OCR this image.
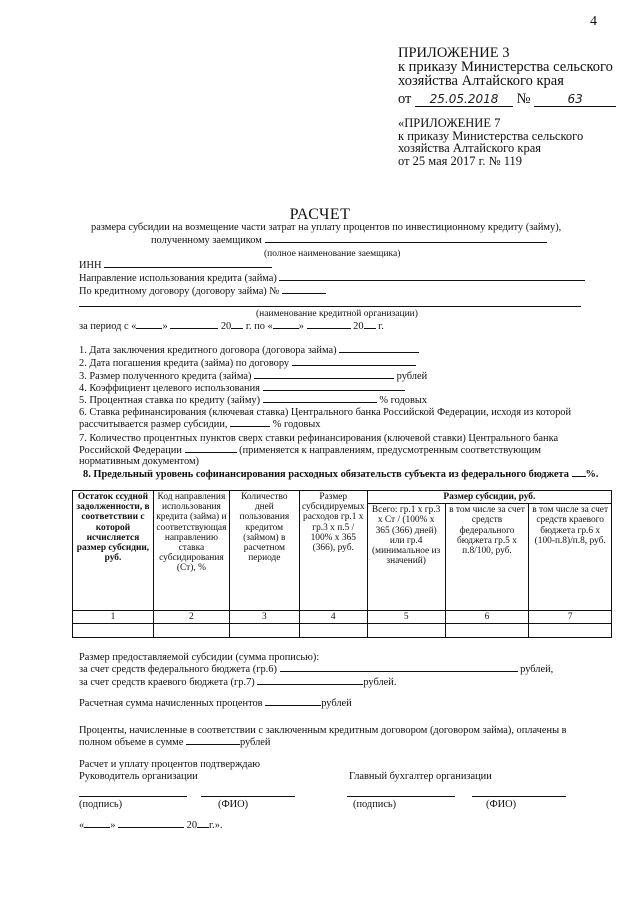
4
ПРИЛОЖЕНИЕ 3
к приказу Министерства сельского
хозяйства Алтайского края
от 25.05.2018 №	63
«ПРИЛОЖЕНИЕ 7
к приказу Министерства сельского
хозяйства Алтайского края
от 25 мая 2017 г. № 119
РАСЧЕТ
размера субсидии на возмещение части затрат на уплату процентов по инвестиционному кредиту (займу),
полученному заемщиком
(полное наименование заемщика)
ИНН
Направление использования кредита (займа)
По кредитному договору (договору займа) №
(наименование кредитной организации)
за период с «	»	20 г. по «	»	20 г.
1. Дата заключения кредитного договора (договора займа)
2. Дата погашения кредита (займа) по договору
3. Размер полученного кредита (займа)	рублей
4. Коэффициент целевого использования
5. Процентная ставка по кредиту (займу)	% годовых
6. Ставка рефинансирования (ключевая ставка) Центрального банка Российской Федерации, исходя из которой
рассчитывается размер субсидии,	% годовых
7. Количество процентных пунктов сверх ставки рефинансирования (ключевой ставки) Центрального банка
Российской Федерации	(применяется к направлениям, предусмотренным соответствующим
нормативным документом)
8. Предельный уровень софинансирования расходных обязательств субъекта из федерального бюджета %.
Остаток ссудной задолженности, в соответствии с которой исчисляется размер субсидии, руб.	Код направления использования кредита (займа) и соответствующая направлению ставка субсидирования (Ст), %	Количество дней пользования кредитом (займом) в расчетном периоде	Размер субсидируемых расходов гр.1 х гр.3 х п.5 / 100% х 365 (366), руб.	Размер субсидии, руб.		
				Всего: гр.1 х гр.3 х Ст / (100% х 365 (366) дней) или гр.4 (минимальное из значений)	в том числе за счет средств федерального бюджета гр.5 х п.8/100, руб.	в том числе за счет средств краевого бюджета гр.6 х (100-п.8)/п.8, руб.
1	2	3	4	5	6	7

Размер предоставляемой субсидии (сумма прописью):
за счет средств федерального бюджета (гр.6)	рублей,
за счет средств краевого бюджета (гр.7)	рублей.
Расчетная сумма начисленных процентов	рублей
Проценты, начисленные в соответствии с заключенным кредитным договором (договором займа), оплачены в
полном объеме в сумме	рублей
Расчет и уплату процентов подтверждаю
Руководитель организации	Главный бухгалтер организации
(подпись)	(ФИО)	(подпись)	(ФИО)
«	»	20 г.».
